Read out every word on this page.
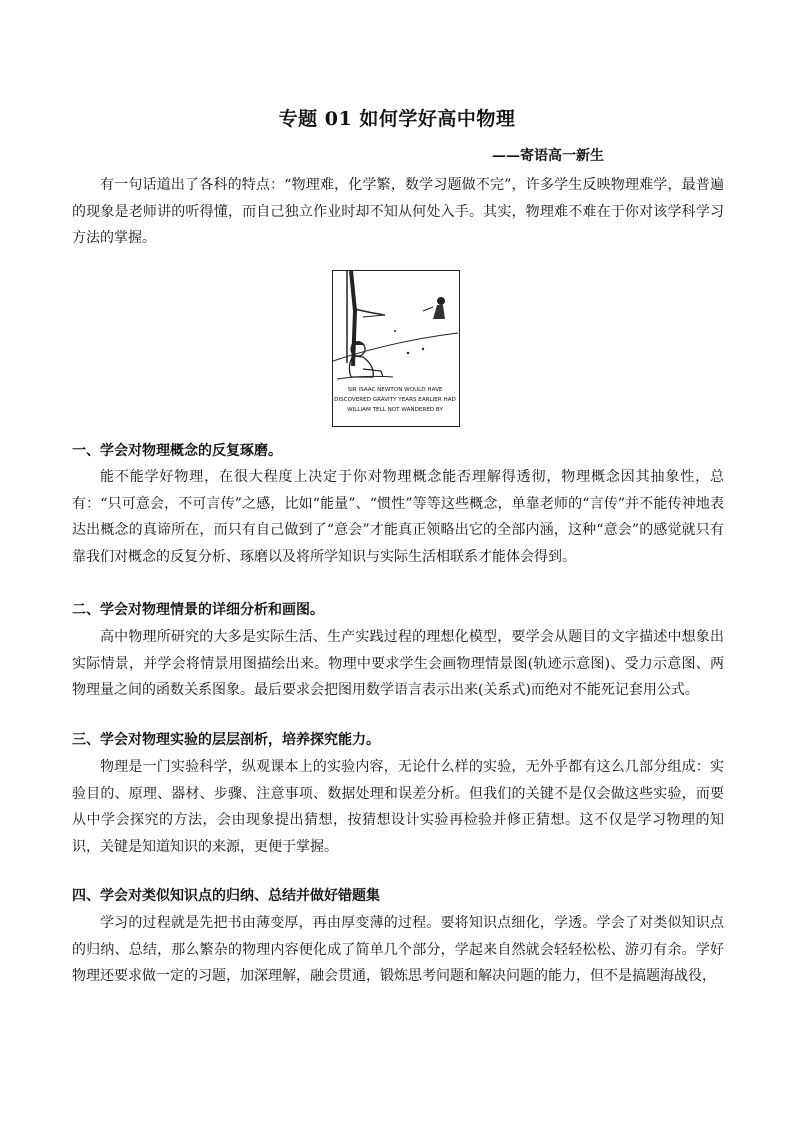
专题 01 如何学好高中物理
——寄语高一新生

有一句话道出了各科的特点：“物理难，化学繁，数学习题做不完”，许多学生反映物理难学，最普遍的现象是老师讲的听得懂，而自己独立作业时却不知从何处入手。其实，物理难不难在于你对该学科学习方法的掌握。

SIR ISAAC NEWTON WOULD HAVE
DISCOVERED GRAVITY YEARS EARLIER HAD
WILLIAM TELL NOT WANDERED BY
一、学会对物理概念的反复琢磨。

能不能学好物理，在很大程度上决定于你对物理概念能否理解得透彻，物理概念因其抽象性，总有：“只可意会，不可言传”之感，比如“能量”、“惯性”等等这些概念，单靠老师的“言传”并不能传神地表达出概念的真谛所在，而只有自己做到了“意会”才能真正领略出它的全部内涵，这种“意会”的感觉就只有靠我们对概念的反复分析、琢磨以及将所学知识与实际生活相联系才能体会得到。

二、学会对物理情景的详细分析和画图。

高中物理所研究的大多是实际生活、生产实践过程的理想化模型，要学会从题目的文字描述中想象出实际情景，并学会将情景用图描绘出来。物理中要求学生会画物理情景图(轨迹示意图)、受力示意图、两物理量之间的函数关系图象。最后要求会把图用数学语言表示出来(关系式)而绝对不能死记套用公式。

三、学会对物理实验的层层剖析，培养探究能力。

物理是一门实验科学，纵观课本上的实验内容，无论什么样的实验，无外乎都有这么几部分组成：实验目的、原理、器材、步骤、注意事项、数据处理和误差分析。但我们的关键不是仅会做这些实验，而要从中学会探究的方法，会由现象提出猜想，按猜想设计实验再检验并修正猜想。这不仅是学习物理的知识，关键是知道知识的来源，更便于掌握。

四、学会对类似知识点的归纳、总结并做好错题集

学习的过程就是先把书由薄变厚，再由厚变薄的过程。要将知识点细化，学透。学会了对类似知识点的归纳、总结，那么繁杂的物理内容便化成了简单几个部分，学起来自然就会轻轻松松、游刃有余。学好物理还要求做一定的习题，加深理解，融会贯通，锻炼思考问题和解决问题的能力，但不是搞题海战役，
